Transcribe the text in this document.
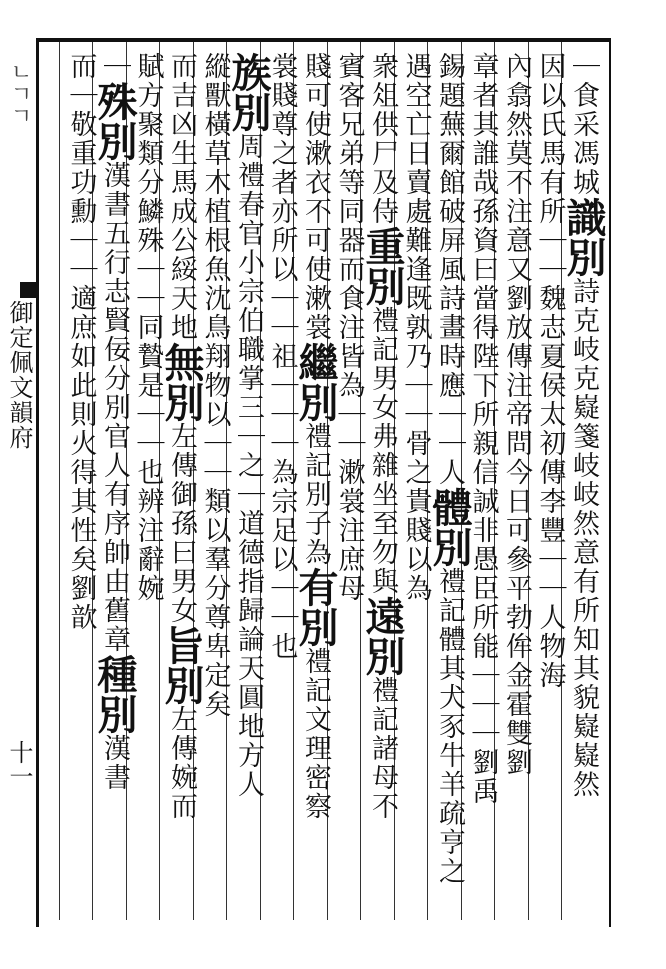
ㄴㄱㄱ
御定佩文韻府
十一
｜食采馮城識別詩克岐克嶷箋岐岐然意有所知其貌嶷嶷然
因以氏馬有所｜｜魏志夏侯太初傳李豐｜｜人物海
內翕然莫不注意又劉放傳注帝問今日可參平勃侔金霍雙劉
章者其誰哉孫資曰當得陛下所親信誠非愚臣所能｜｜｜劉禹
錫題蕪爾館破屏風詩畫時應｜｜人體別禮記體其犬豕牛羊疏亨之
遇空亡日賣處難逢既孰乃｜｜骨之貴賤以為
衆俎供尸及侍重別禮記男女弗雜坐至勿與遠別禮記諸母不
賓客兄弟等同器而食注皆為｜｜漱裳注庶母
賤可使漱衣不可使漱裳繼別禮記別子為有別禮記文理密察
裳賤尊之者亦所以｜｜祖｜｜｜為宗足以｜｜也
族別周禮春官小宗伯職掌三｜之｜道德指歸論天圓地方人
縱獸橫草木植根魚沈鳥翔物以｜｜類以羣分尊卑定矣
而吉凶生馬成公綏天地無別左傳御孫曰男女旨別左傳婉而
賦方聚類分鱗殊｜｜同贄是｜｜也辨注辭婉
｜殊別漢書五行志賢佞分別官人有序帥由舊章種別漢書
而｜敬重功勳｜｜適庶如此則火得其性矣劉歆
